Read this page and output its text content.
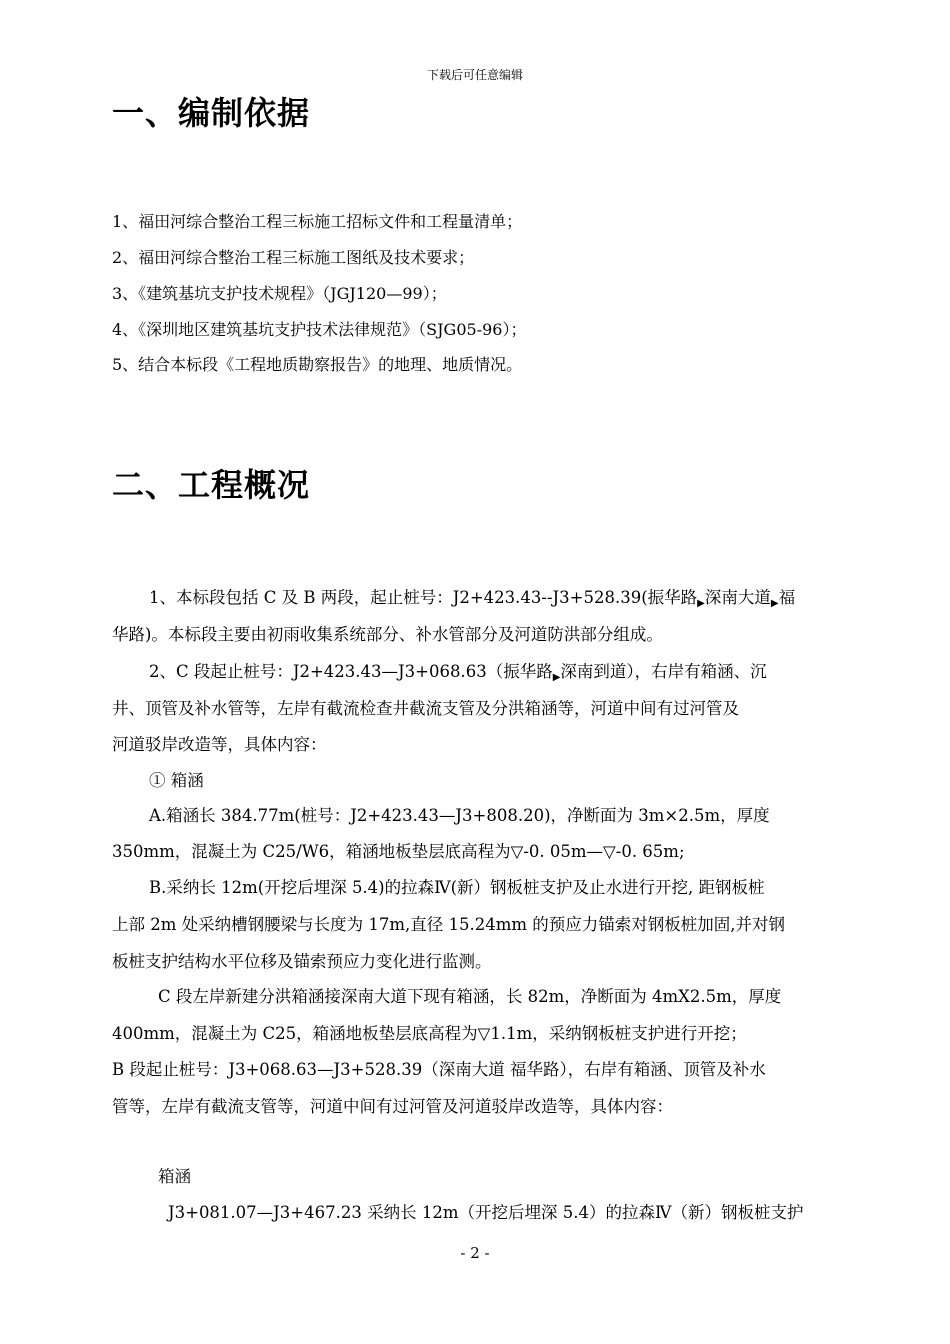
下载后可任意编辑
一、编制依据
1、福田河综合整治工程三标施工招标文件和工程量清单；
2、福田河综合整治工程三标施工图纸及技术要求；
3、《建筑基坑支护技术规程》（JGJ120—99）；
4、《深圳地区建筑基坑支护技术法律规范》（SJG05-96）；
5、结合本标段《工程地质勘察报告》的地理、地质情况。
二、工程概况
1、本标段包括 C 及 B 两段，起止桩号：J2+423.43--J3+528.39(振华路▶深南大道▶福
华路)。本标段主要由初雨收集系统部分、补水管部分及河道防洪部分组成。
2、C 段起止桩号：J2+423.43—J3+068.63（振华路▶深南到道），右岸有箱涵、沉
井、顶管及补水管等，左岸有截流检查井截流支管及分洪箱涵等，河道中间有过河管及
河道驳岸改造等，具体内容：
① 箱涵
A.箱涵长 384.77m(桩号：J2+423.43—J3+808.20)，净断面为 3m×2.5m，厚度
350mm，混凝土为 C25/W6，箱涵地板垫层底高程为▽-0. 05m—▽-0. 65m;
B.采纳长 12m(开挖后埋深 5.4)的拉森Ⅳ(新）钢板桩支护及止水进行开挖, 距钢板桩
上部 2m 处采纳槽钢腰梁与长度为 17m,直径 15.24mm 的预应力锚索对钢板桩加固,并对钢
板桩支护结构水平位移及锚索预应力变化进行监测。
C 段左岸新建分洪箱涵接深南大道下现有箱涵，长 82m，净断面为 4mX2.5m，厚度
400mm，混凝土为 C25，箱涵地板垫层底高程为▽1.1m，采纳钢板桩支护进行开挖；
B 段起止桩号：J3+068.63—J3+528.39（深南大道 福华路），右岸有箱涵、顶管及补水
管等，左岸有截流支管等，河道中间有过河管及河道驳岸改造等，具体内容：
箱涵
J3+081.07—J3+467.23 采纳长 12m（开挖后埋深 5.4）的拉森Ⅳ（新）钢板桩支护
- 2 -
